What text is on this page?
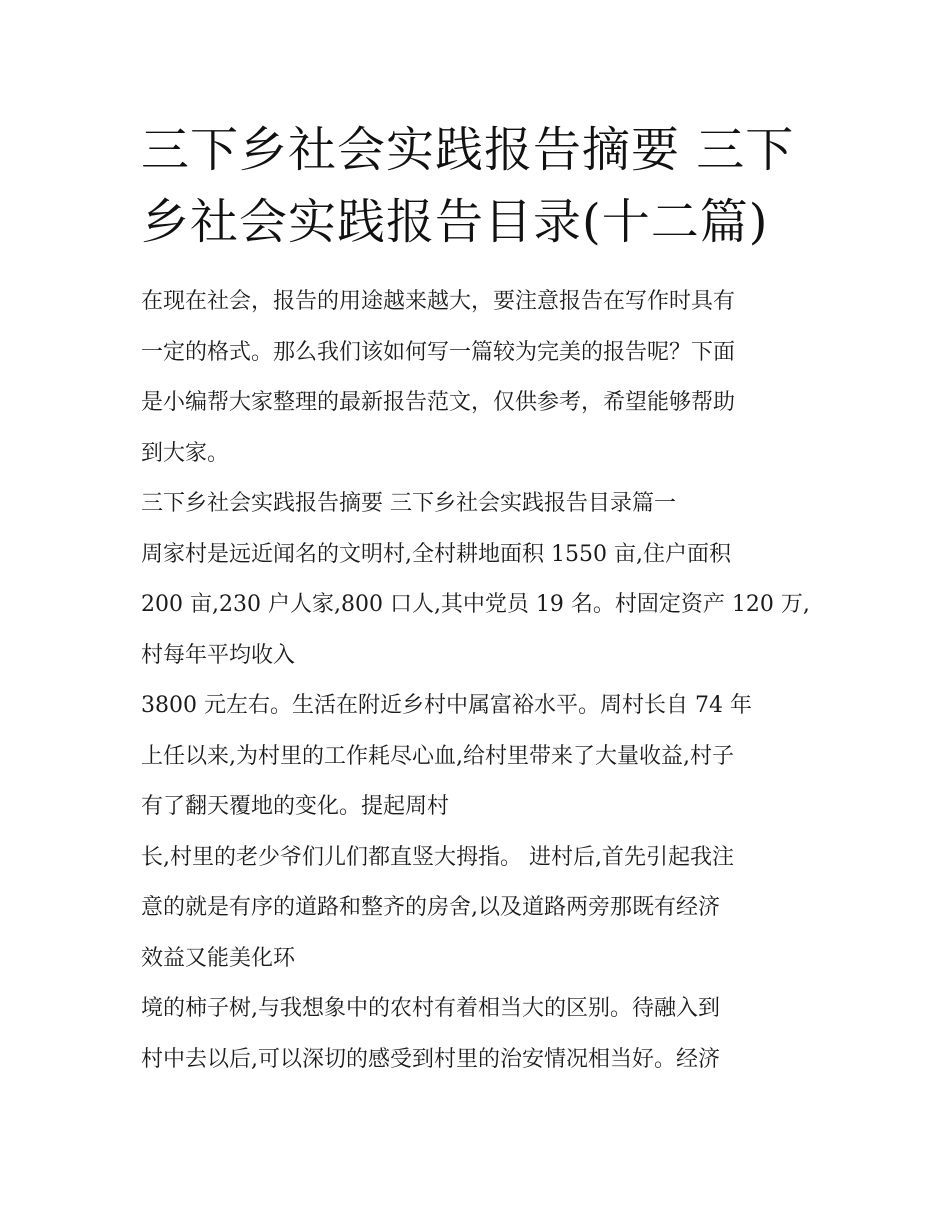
三下乡社会实践报告摘要 三下
乡社会实践报告目录(十二篇)

在现在社会，报告的用途越来越大，要注意报告在写作时具有
一定的格式。那么我们该如何写一篇较为完美的报告呢？下面
是小编帮大家整理的最新报告范文，仅供参考，希望能够帮助
到大家。

三下乡社会实践报告摘要 三下乡社会实践报告目录篇一

周家村是远近闻名的文明村,全村耕地面积 1550 亩,住户面积
200 亩,230 户人家,800 口人,其中党员 19 名。村固定资产 120 万,
村每年平均收入
3800 元左右。生活在附近乡村中属富裕水平。周村长自 74 年
上任以来,为村里的工作耗尽心血,给村里带来了大量收益,村子
有了翻天覆地的变化。提起周村
长,村里的老少爷们儿们都直竖大拇指。 进村后,首先引起我注
意的就是有序的道路和整齐的房舍,以及道路两旁那既有经济
效益又能美化环
境的柿子树,与我想象中的农村有着相当大的区别。待融入到
村中去以后,可以深切的感受到村里的治安情况相当好。经济
